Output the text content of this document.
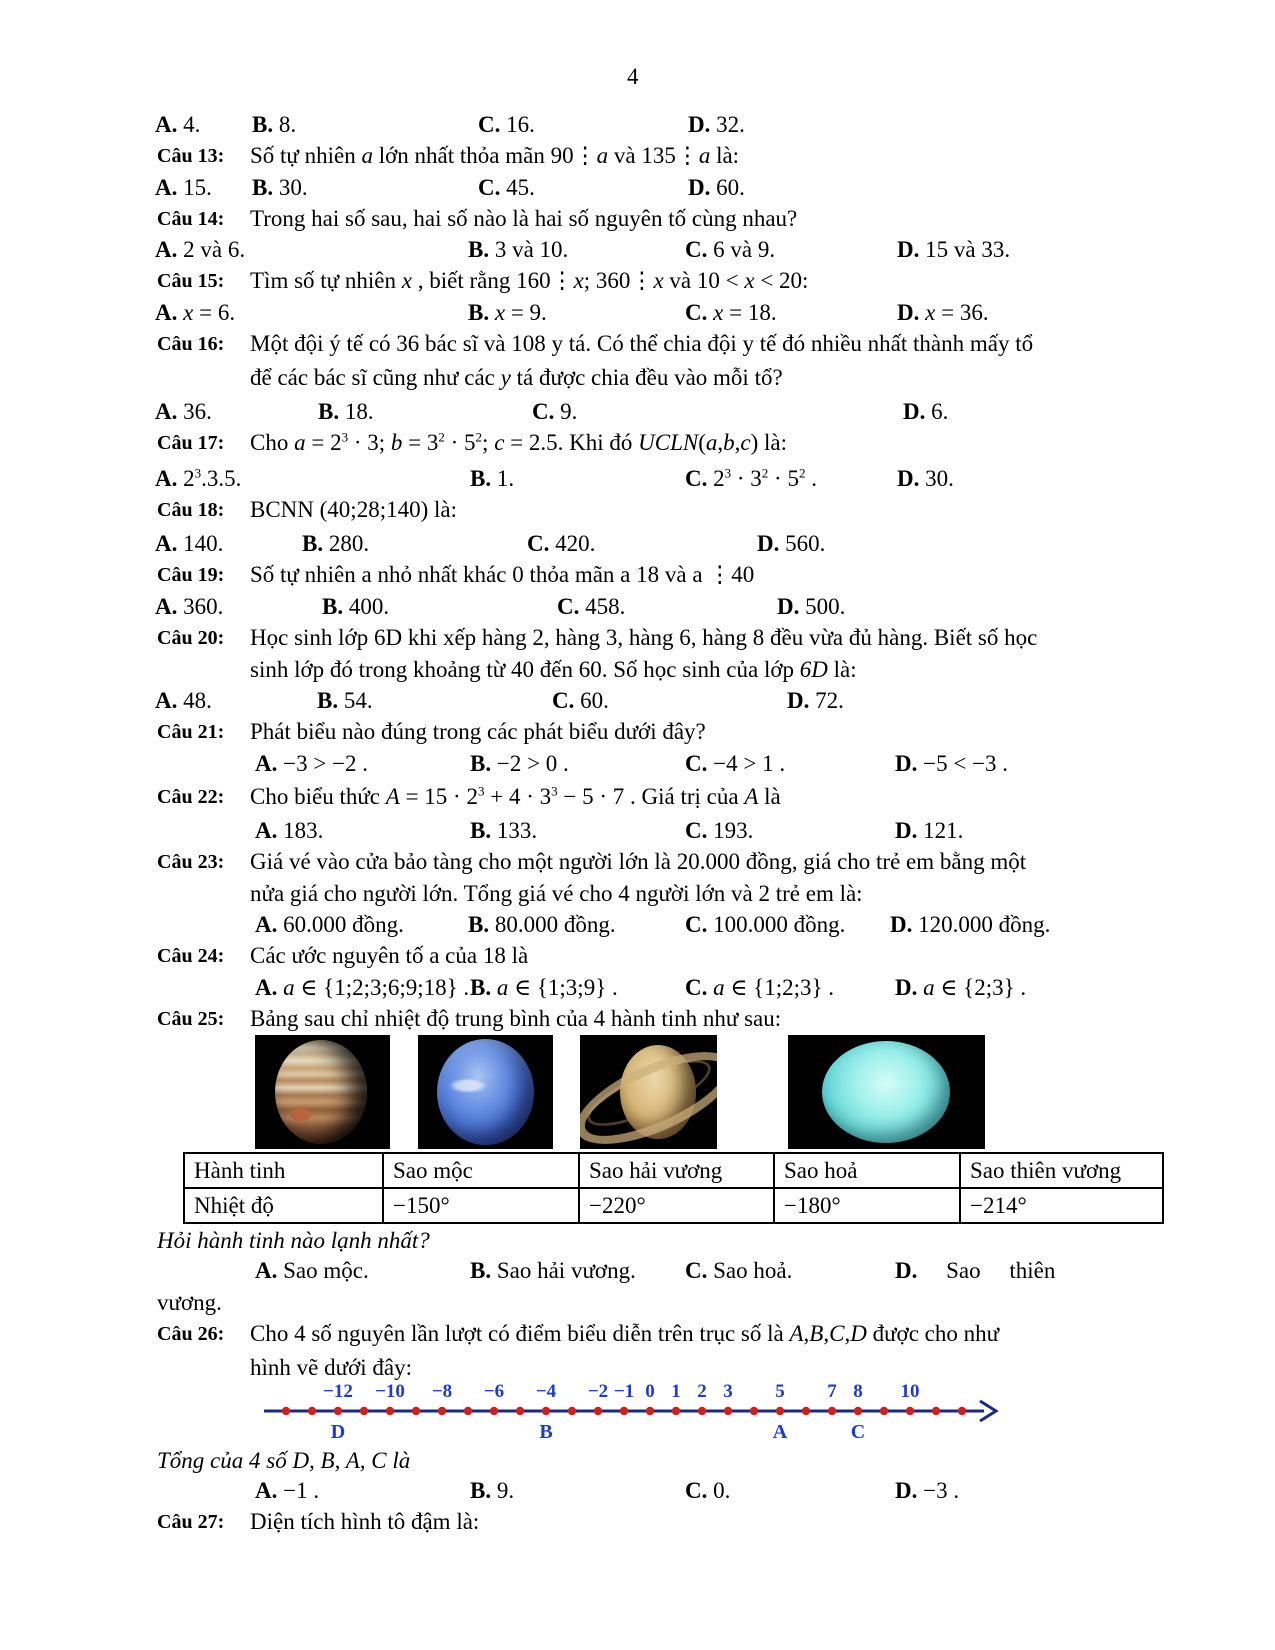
4
A. 4. B. 8.	C. 16.	D. 32.
Câu 13: Số tự nhiên a lớn nhất thỏa mãn 90⋮a và 135⋮a là:
A. 15. B. 30.	C. 45.	D. 60.
Câu 14: Trong hai số sau, hai số nào là hai số nguyên tố cùng nhau?
A. 2 và 6.	B. 3 và 10.	C. 6 và 9.	D. 15 và 33.
Câu 15: Tìm số tự nhiên x , biết rằng 160⋮x; 360⋮x và 10 < x < 20:
A. x = 6.	B. x = 9.	C. x = 18.	D. x = 36.
Câu 16: Một đội ý tế có 36 bác sĩ và 108 y tá. Có thể chia đội y tế đó nhiều nhất thành mấy tổ
để các bác sĩ cũng như các y tá được chia đều vào mỗi tổ?
A. 36.	B. 18.	C. 9.	D. 6.
Câu 17: Cho $a = 2^3 \cdot 3$; $b = 3^2 \cdot 5^2$; c = 2.5. Khi đó UCLN(a,b,c) là:
A. $2^3.3.5$.	B. 1.	C. $2^3 \cdot 3^2 \cdot 5^2$ .	D. 30.
Câu 18: BCNN (40;28;140) là:
A. 140.	B. 280.	C. 420.	D. 560.
Câu 19: Số tự nhiên a nhỏ nhất khác 0 thỏa mãn a 18 và a ⋮40
A. 360.	B. 400.	C. 458.	D. 500.
Câu 20: Học sinh lớp 6D khi xếp hàng 2, hàng 3, hàng 6, hàng 8 đều vừa đủ hàng. Biết số học
sinh lớp đó trong khoảng từ 40 đến 60. Số học sinh của lớp 6D là:
A. 48.	B. 54.	C. 60.	D. 72.
Câu 21: Phát biểu nào đúng trong các phát biểu dưới đây?
A. −3 > −2 .	B. −2 > 0 .	C. −4 > 1 .	D. −5 < −3 .
Câu 22: Cho biểu thức $A = 15 \cdot 2^3 + 4 \cdot 3^3 - 5 \cdot 7$ . Giá trị của A là
A. 183.	B. 133.	C. 193.	D. 121.
Câu 23: Giá vé vào cửa bảo tàng cho một người lớn là 20.000 đồng, giá cho trẻ em bằng một
nửa giá cho người lớn. Tổng giá vé cho 4 người lớn và 2 trẻ em là:
A. 60.000 đồng.	B. 80.000 đồng.	C. 100.000 đồng. D. 120.000 đồng.
Câu 24: Các ước nguyên tố a của 18 là
A. a ∈ {1;2;3;6;9;18} . B. a ∈ {1;3;9} .	C. a ∈ {1;2;3} .	D. a ∈ {2;3} .
Câu 25: Bảng sau chỉ nhiệt độ trung bình của 4 hành tinh như sau:
Hành tinh	Sao mộc	Sao hải vương	Sao hoả	Sao thiên vương
Nhiệt độ	−150°	−220°	−180°	−214°
Hỏi hành tinh nào lạnh nhất?
A. Sao mộc.	B. Sao hải vương. C. Sao hoả.	D.     Sao     thiên
vương.
Câu 26: Cho 4 số nguyên lần lượt có điểm biểu diễn trên trục số là A,B,C,D được cho như
hình vẽ dưới đây:
−12 −10 −8 −6 −4 −2 −1 0 1 2 3 5 7 8 10
D	B	A	C
Tổng của 4 số D, B, A, C là
A. −1 .	B. 9.	C. 0.	D. −3 .
Câu 27: Diện tích hình tô đậm là:
